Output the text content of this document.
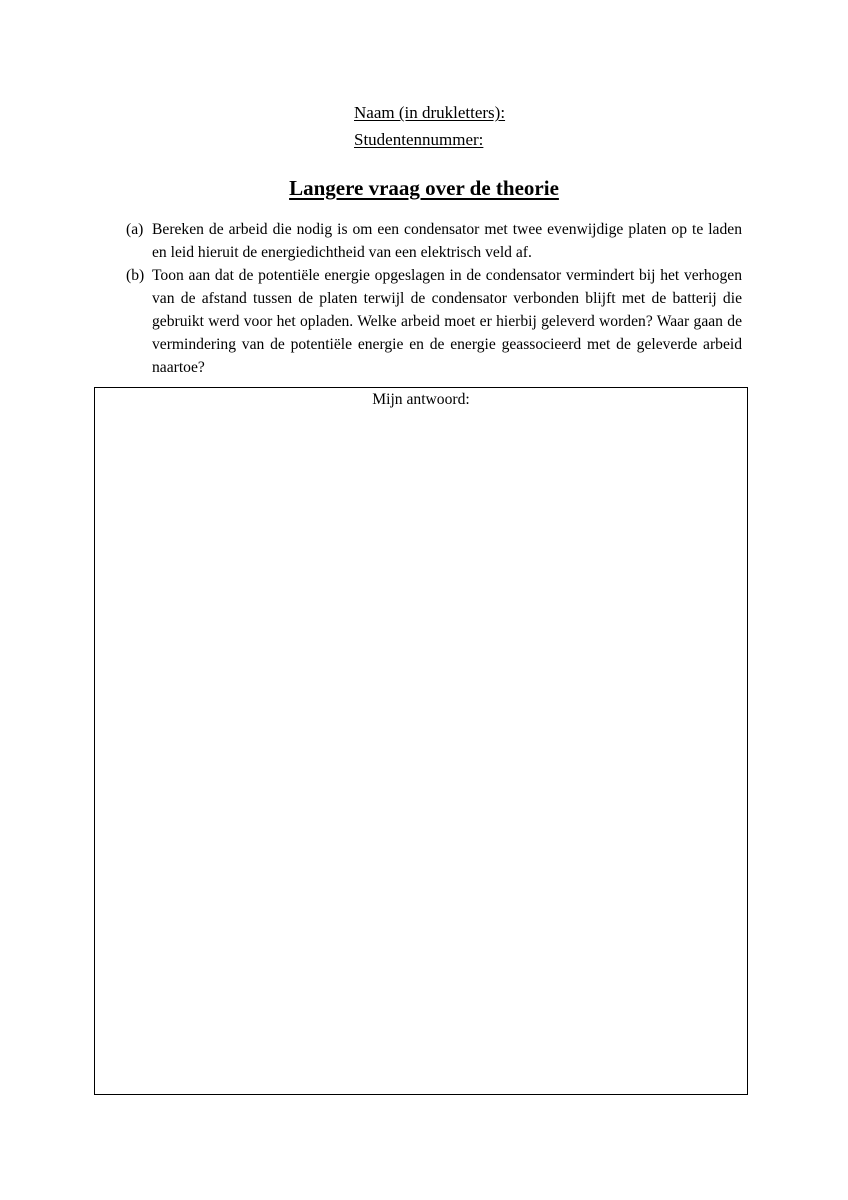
Naam (in drukletters):
Studentennummer:
Langere vraag over de theorie
(a) Bereken de arbeid die nodig is om een condensator met twee evenwijdige platen op te laden en leid hieruit de energiedichtheid van een elektrisch veld af.
(b) Toon aan dat de potentiële energie opgeslagen in de condensator vermindert bij het verhogen van de afstand tussen de platen terwijl de condensator verbonden blijft met de batterij die gebruikt werd voor het opladen. Welke arbeid moet er hierbij geleverd worden? Waar gaan de vermindering van de potentiële energie en de energie geassocieerd met de geleverde arbeid naartoe?
Mijn antwoord:
